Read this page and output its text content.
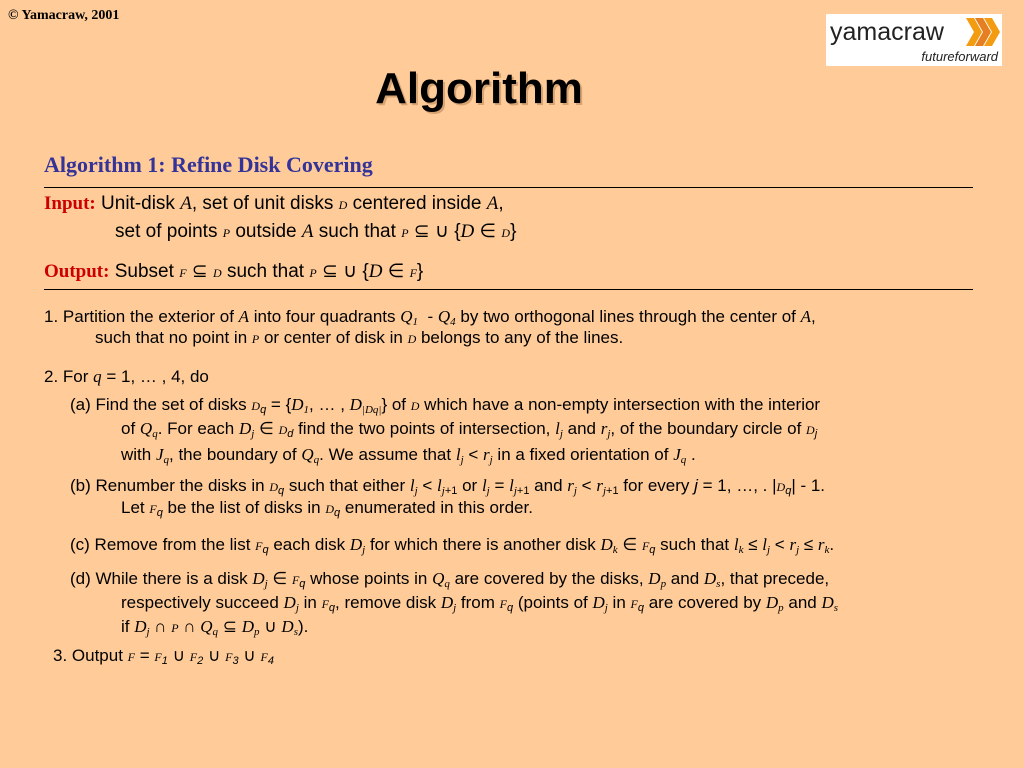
© Yamacraw, 2001
yamacraw
futureforward
Algorithm
Algorithm 1: Refine Disk Covering
Input: Unit-disk A, set of unit disks D centered inside A,
set of points P outside A such that P ⊆ ∪ {D ∈ D}
Output: Subset F ⊆ D such that P ⊆ ∪ {D ∈ F}
1. Partition the exterior of A into four quadrants $Q_1 - Q_4$ by two orthogonal lines through the center of A,
such that no point in P or center of disk in D belongs to any of the lines.
2. For q = 1, … , 4, do
(a) Find the set of disks $D_q = \{D_1$, … , $D_{|Dq|}$} of D which have a non-empty intersection with the interior
of $Q_q$. For each $D_j$ ∈ $D_d$ find the two points of intersection, $l_j$ and $r_j$, of the boundary circle of $D_j$
with $J_q$, the boundary of $Q_q$. We assume that $l_j < r_j$ in a fixed orientation of $J_q$ .
(b) Renumber the disks in $D_q$ such that either $l_j < l_{j+1}$ or $l_j = l_{j+1}$ and $r_j < r_{j+1}$ for every j = 1, …, . $|D_q| - 1$.
Let $F_q$ be the list of disks in $D_q$ enumerated in this order.
(c) Remove from the list $F_q$ each disk $D_j$ for which there is another disk $D_k$ ∈ $F_q$ such that $l_k \le l_j < r_j \le r_k$.
(d) While there is a disk $D_j$ ∈ $F_q$ whose points in $Q_q$ are covered by the disks, $D_p$ and $D_s$, that precede,
respectively succeed $D_j$ in $F_q$, remove disk $D_j$ from $F_q$ (points of $D_j$ in $F_q$ are covered by $D_p$ and $D_s$
if $D_j$ ∩ P ∩ $Q_q$ ⊆ $D_p$ ∪ $D_s$).
3. Output $F = F_1$ ∪ $F_2$ ∪ $F_3$ ∪ $F_4$
